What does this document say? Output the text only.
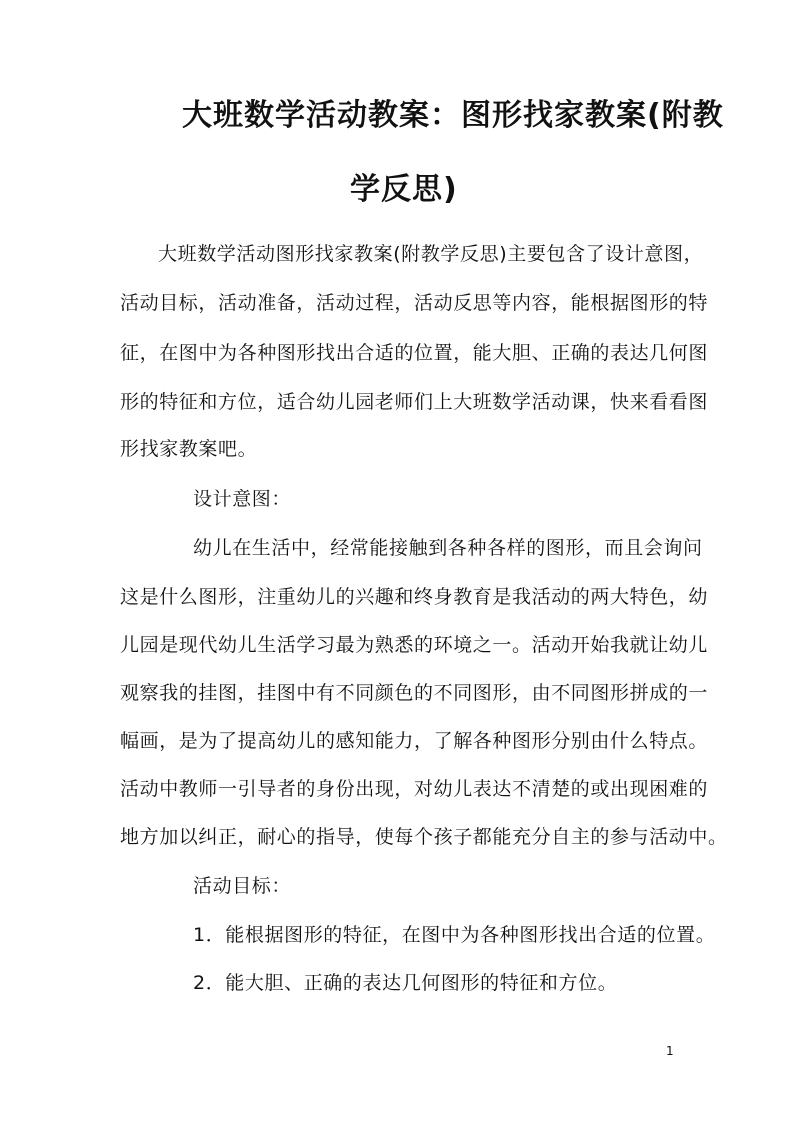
大班数学活动教案：图形找家教案(附教
学反思)
大班数学活动图形找家教案(附教学反思)主要包含了设计意图，
活动目标，活动准备，活动过程，活动反思等内容，能根据图形的特
征，在图中为各种图形找出合适的位置，能大胆、正确的表达几何图
形的特征和方位，适合幼儿园老师们上大班数学活动课，快来看看图
形找家教案吧。
设计意图：
幼儿在生活中，经常能接触到各种各样的图形，而且会询问
这是什么图形，注重幼儿的兴趣和终身教育是我活动的两大特色，幼
儿园是现代幼儿生活学习最为熟悉的环境之一。活动开始我就让幼儿
观察我的挂图，挂图中有不同颜色的不同图形，由不同图形拼成的一
幅画，是为了提高幼儿的感知能力，了解各种图形分别由什么特点。
活动中教师一引导者的身份出现，对幼儿表达不清楚的或出现困难的
地方加以纠正，耐心的指导，使每个孩子都能充分自主的参与活动中。
活动目标：
1．能根据图形的特征，在图中为各种图形找出合适的位置。
2．能大胆、正确的表达几何图形的特征和方位。
1
